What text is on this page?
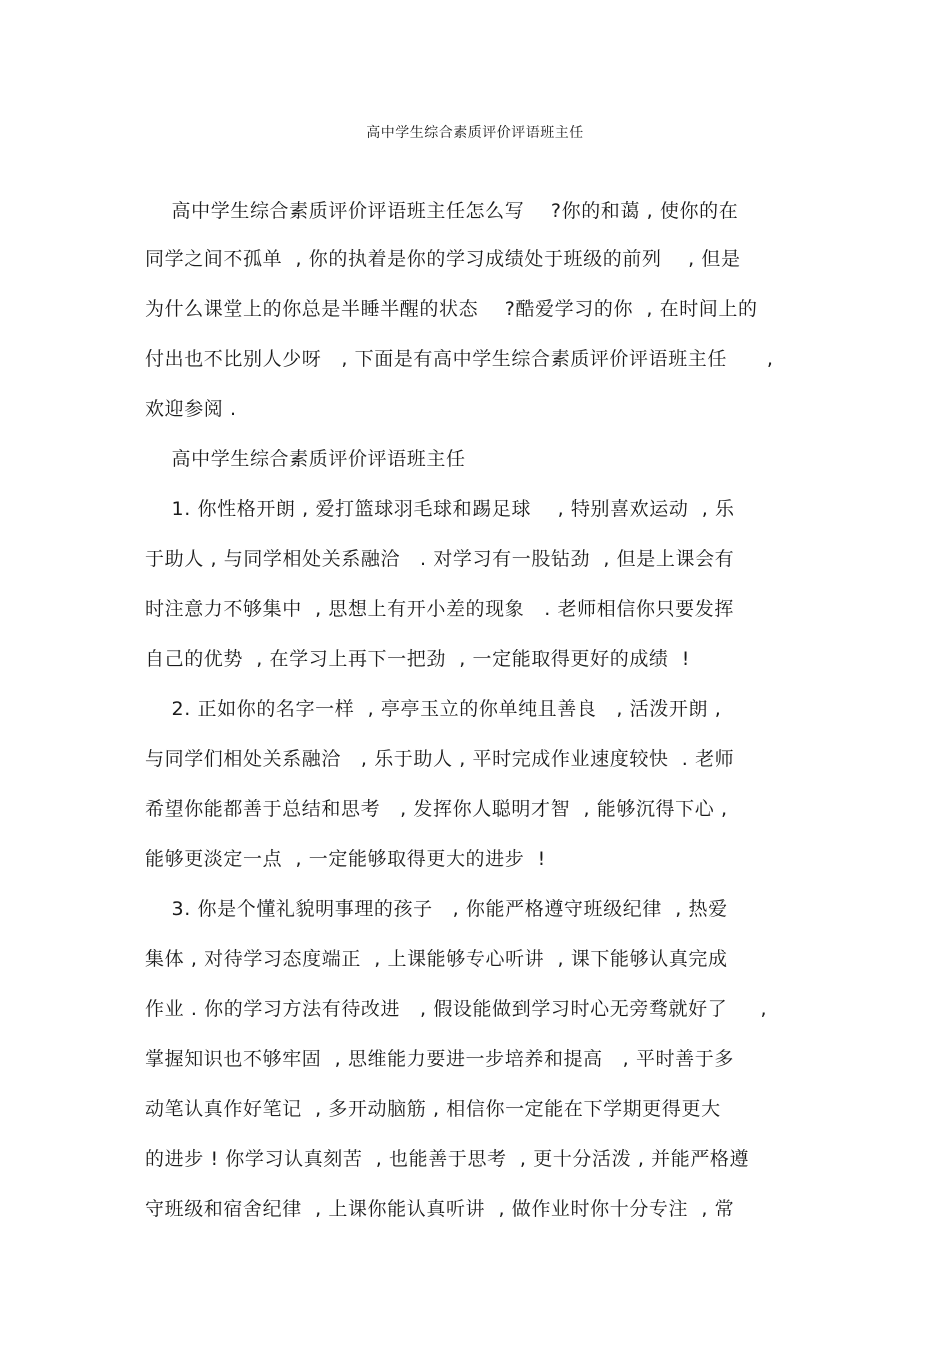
高中学生综合素质评价评语班主任
高中学生综合素质评价评语班主任怎么写    ?你的和蔼 , 使你的在
同学之间不孤单  , 你的执着是你的学习成绩处于班级的前列    , 但是
为什么课堂上的你总是半睡半醒的状态    ?酷爱学习的你  , 在时间上的
付出也不比别人少呀   , 下面是有高中学生综合素质评价评语班主任      ,
欢迎参阅 .
高中学生综合素质评价评语班主任
1. 你性格开朗 , 爱打篮球羽毛球和踢足球    , 特别喜欢运动  , 乐
于助人 , 与同学相处关系融洽   . 对学习有一股钻劲  , 但是上课会有
时注意力不够集中  , 思想上有开小差的现象   . 老师相信你只要发挥
自己的优势  , 在学习上再下一把劲  , 一定能取得更好的成绩  !
2. 正如你的名字一样  , 亭亭玉立的你单纯且善良   , 活泼开朗 ,
与同学们相处关系融洽   , 乐于助人 , 平时完成作业速度较快  . 老师
希望你能都善于总结和思考   , 发挥你人聪明才智  , 能够沉得下心 ,
能够更淡定一点  , 一定能够取得更大的进步  !
3. 你是个懂礼貌明事理的孩子   , 你能严格遵守班级纪律  , 热爱
集体 , 对待学习态度端正  , 上课能够专心听讲  , 课下能够认真完成
作业 . 你的学习方法有待改进   , 假设能做到学习时心无旁骛就好了     ,
掌握知识也不够牢固  , 思维能力要进一步培养和提高   , 平时善于多
动笔认真作好笔记  , 多开动脑筋 , 相信你一定能在下学期更得更大
的进步 ! 你学习认真刻苦  , 也能善于思考  , 更十分活泼 , 并能严格遵
守班级和宿舍纪律  , 上课你能认真听讲  , 做作业时你十分专注  , 常
